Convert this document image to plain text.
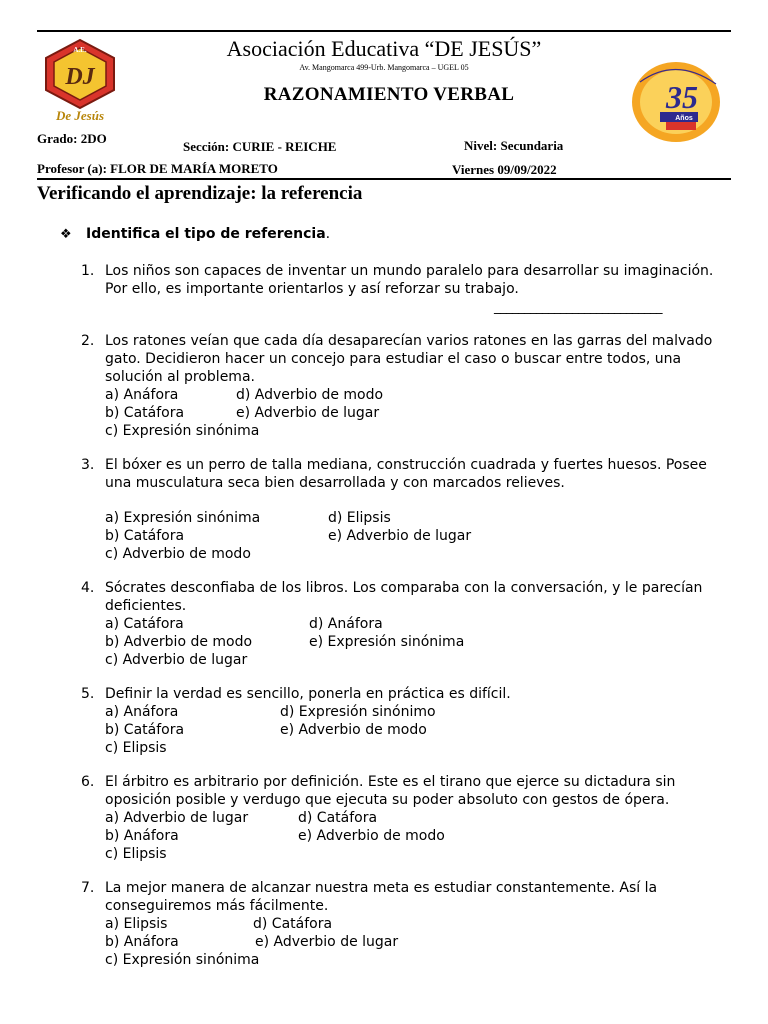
A.E.
DJ
De Jesús
35
Años
Asociación Educativa “DE JESÚS”
Av. Mangomarca 499-Urb. Mangomarca – UGEL 05
RAZONAMIENTO VERBAL
Grado: 2DO
Sección: CURIE - REICHE	Nivel: Secundaria
Profesor (a): FLOR DE MARÍA MORETO	Viernes 09/09/2022
Verificando el aprendizaje: la referencia
❖ Identifica el tipo de referencia.
1. Los niños son capaces de inventar un mundo paralelo para desarrollar su imaginación. Por ello, es importante orientarlos y así reforzar su trabajo.
____________________________
2. Los ratones veían que cada día desaparecían varios ratones en las garras del malvado gato. Decidieron hacer un concejo para estudiar el caso o buscar entre todos, una solución al problema.
a) Anáfora	d) Adverbio de modo
b) Catáfora	e) Adverbio de lugar
c) Expresión sinónima
3. El bóxer es un perro de talla mediana, construcción cuadrada y fuertes huesos. Posee una musculatura seca bien desarrollada y con marcados relieves.
a) Expresión sinónima	d) Elipsis
b) Catáfora	e) Adverbio de lugar
c) Adverbio de modo
4. Sócrates desconfiaba de los libros. Los comparaba con la conversación, y le parecían deficientes.
a) Catáfora	d) Anáfora
b) Adverbio de modo	e) Expresión sinónima
c) Adverbio de lugar
5. Definir la verdad es sencillo, ponerla en práctica es difícil.
a) Anáfora	d) Expresión sinónimo
b) Catáfora	e) Adverbio de modo
c) Elipsis
6. El árbitro es arbitrario por definición. Este es el tirano que ejerce su dictadura sin oposición posible y verdugo que ejecuta su poder absoluto con gestos de ópera.
a) Adverbio de lugar	d) Catáfora
b) Anáfora	e) Adverbio de modo
c) Elipsis
7. La mejor manera de alcanzar nuestra meta es estudiar constantemente. Así la conseguiremos más fácilmente.
a) Elipsis	d) Catáfora
b) Anáfora	e) Adverbio de lugar
c) Expresión sinónima
